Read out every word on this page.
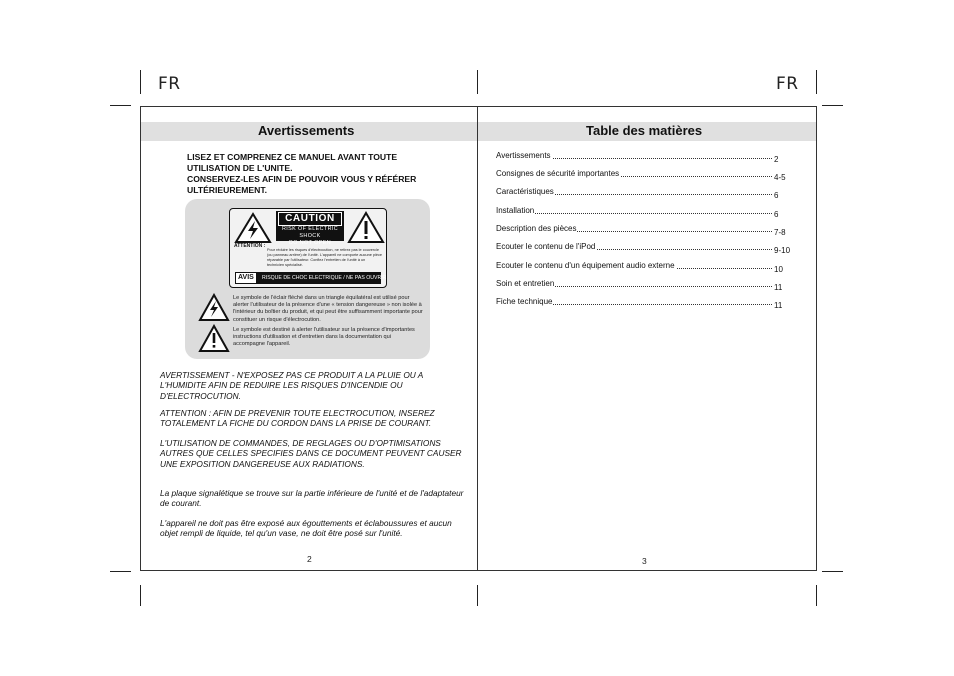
FR	FR
Avertissements
LISEZ ET COMPRENEZ CE MANUEL AVANT TOUTE
UTILISATION DE L'UNITE.
CONSERVEZ-LES AFIN DE POUVOIR VOUS Y RÉFÉRER
ULTÉRIEUREMENT.
CAUTION
RISK OF ELECTRIC SHOCK
DO NOT OPEN
ATTENTION :
Pour réduire les risques d'électrocution, ne retirez pas le couvercle (ou panneau arrière) de l'unité. L'appareil ne comporte aucune pièce réparable par l'utilisateur. Confiez l'entretien de l'unité à un technicien spécialisé.
AVIS	RISQUE DE CHOC ELECTRIQUE / NE PAS OUVRIR
Le symbole de l'éclair fléché dans un triangle équilatéral est utilisé pour alerter l'utilisateur de la présence d'une « tension dangereuse » non isolée à l'intérieur du boîtier du produit, et qui peut être suffisamment importante pour constituer un risque d'électrocution.
Le symbole est destiné à alerter l'utilisateur sur la présence d'importantes instructions d'utilisation et d'entretien dans la documentation qui accompagne l'appareil.
AVERTISSEMENT - N'EXPOSEZ PAS CE PRODUIT A LA PLUIE OU A L'HUMIDITE AFIN DE REDUIRE LES RISQUES D'INCENDIE OU D'ELECTROCUTION.
ATTENTION : AFIN DE PREVENIR TOUTE ELECTROCUTION, INSEREZ TOTALEMENT LA FICHE DU CORDON DANS LA PRISE DE COURANT.
L'UTILISATION DE COMMANDES, DE REGLAGES OU D'OPTIMISATIONS AUTRES QUE CELLES SPECIFIES DANS CE DOCUMENT PEUVENT CAUSER UNE EXPOSITION DANGEREUSE AUX RADIATIONS.
La plaque signalétique se trouve sur la partie inférieure de l'unité et de l'adaptateur de courant.
L'appareil ne doit pas être exposé aux égouttements et éclaboussures et aucun objet rempli de liquide, tel qu'un vase, ne doit être posé sur l'unité.
2
Table des matières
Avertissements	2
Consignes de sécurité importantes	4-5
Caractéristiques	6
Installation	6
Description des pièces	7-8
Ecouter le contenu de l'iPod	9-10
Ecouter le contenu d'un équipement audio externe	10
Soin et entretien	11
Fiche technique	11
3
